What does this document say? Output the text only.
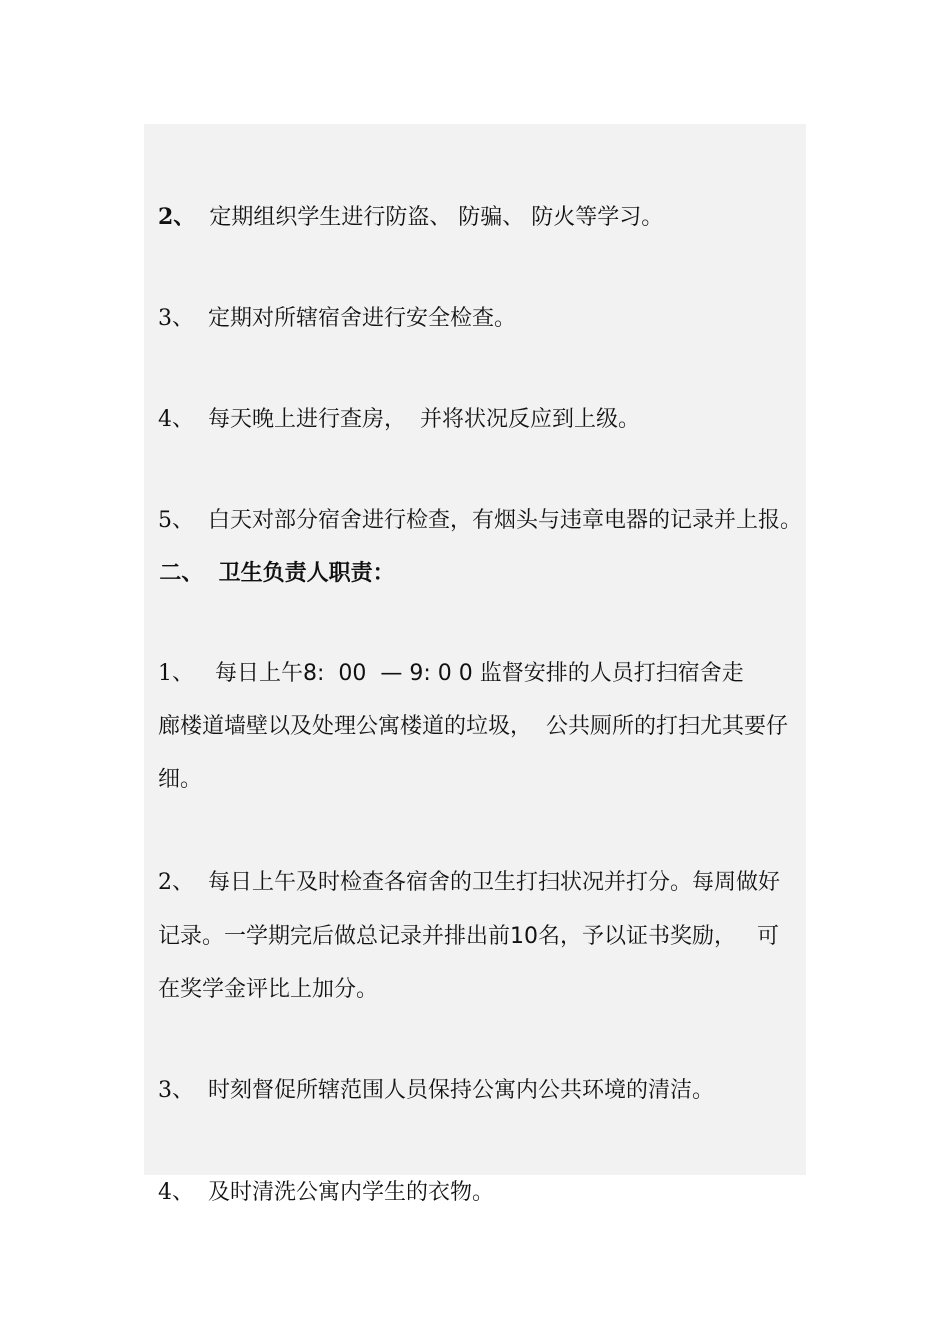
2、 定期组织学生进行防盗、 防骗、 防火等学习。

3、 定期对所辖宿舍进行安全检查。

4、 每天晚上进行查房，  并将状况反应到上级。

5、 白天对部分宿舍进行检查，有烟头与违章电器的记录并上报。

二、 卫生负责人职责：

1、 每日上午8:  00  — 9: 0 0 监督安排的人员打扫宿舍走

廊楼道墙壁以及处理公寓楼道的垃圾，  公共厕所的打扫尤其要仔

细。

2、 每日上午及时检查各宿舍的卫生打扫状况并打分。每周做好

记录。一学期完后做总记录并排出前10名，予以证书奖励，   可

在奖学金评比上加分。

3、 时刻督促所辖范围人员保持公寓内公共环境的清洁。

4、 及时清洗公寓内学生的衣物。
